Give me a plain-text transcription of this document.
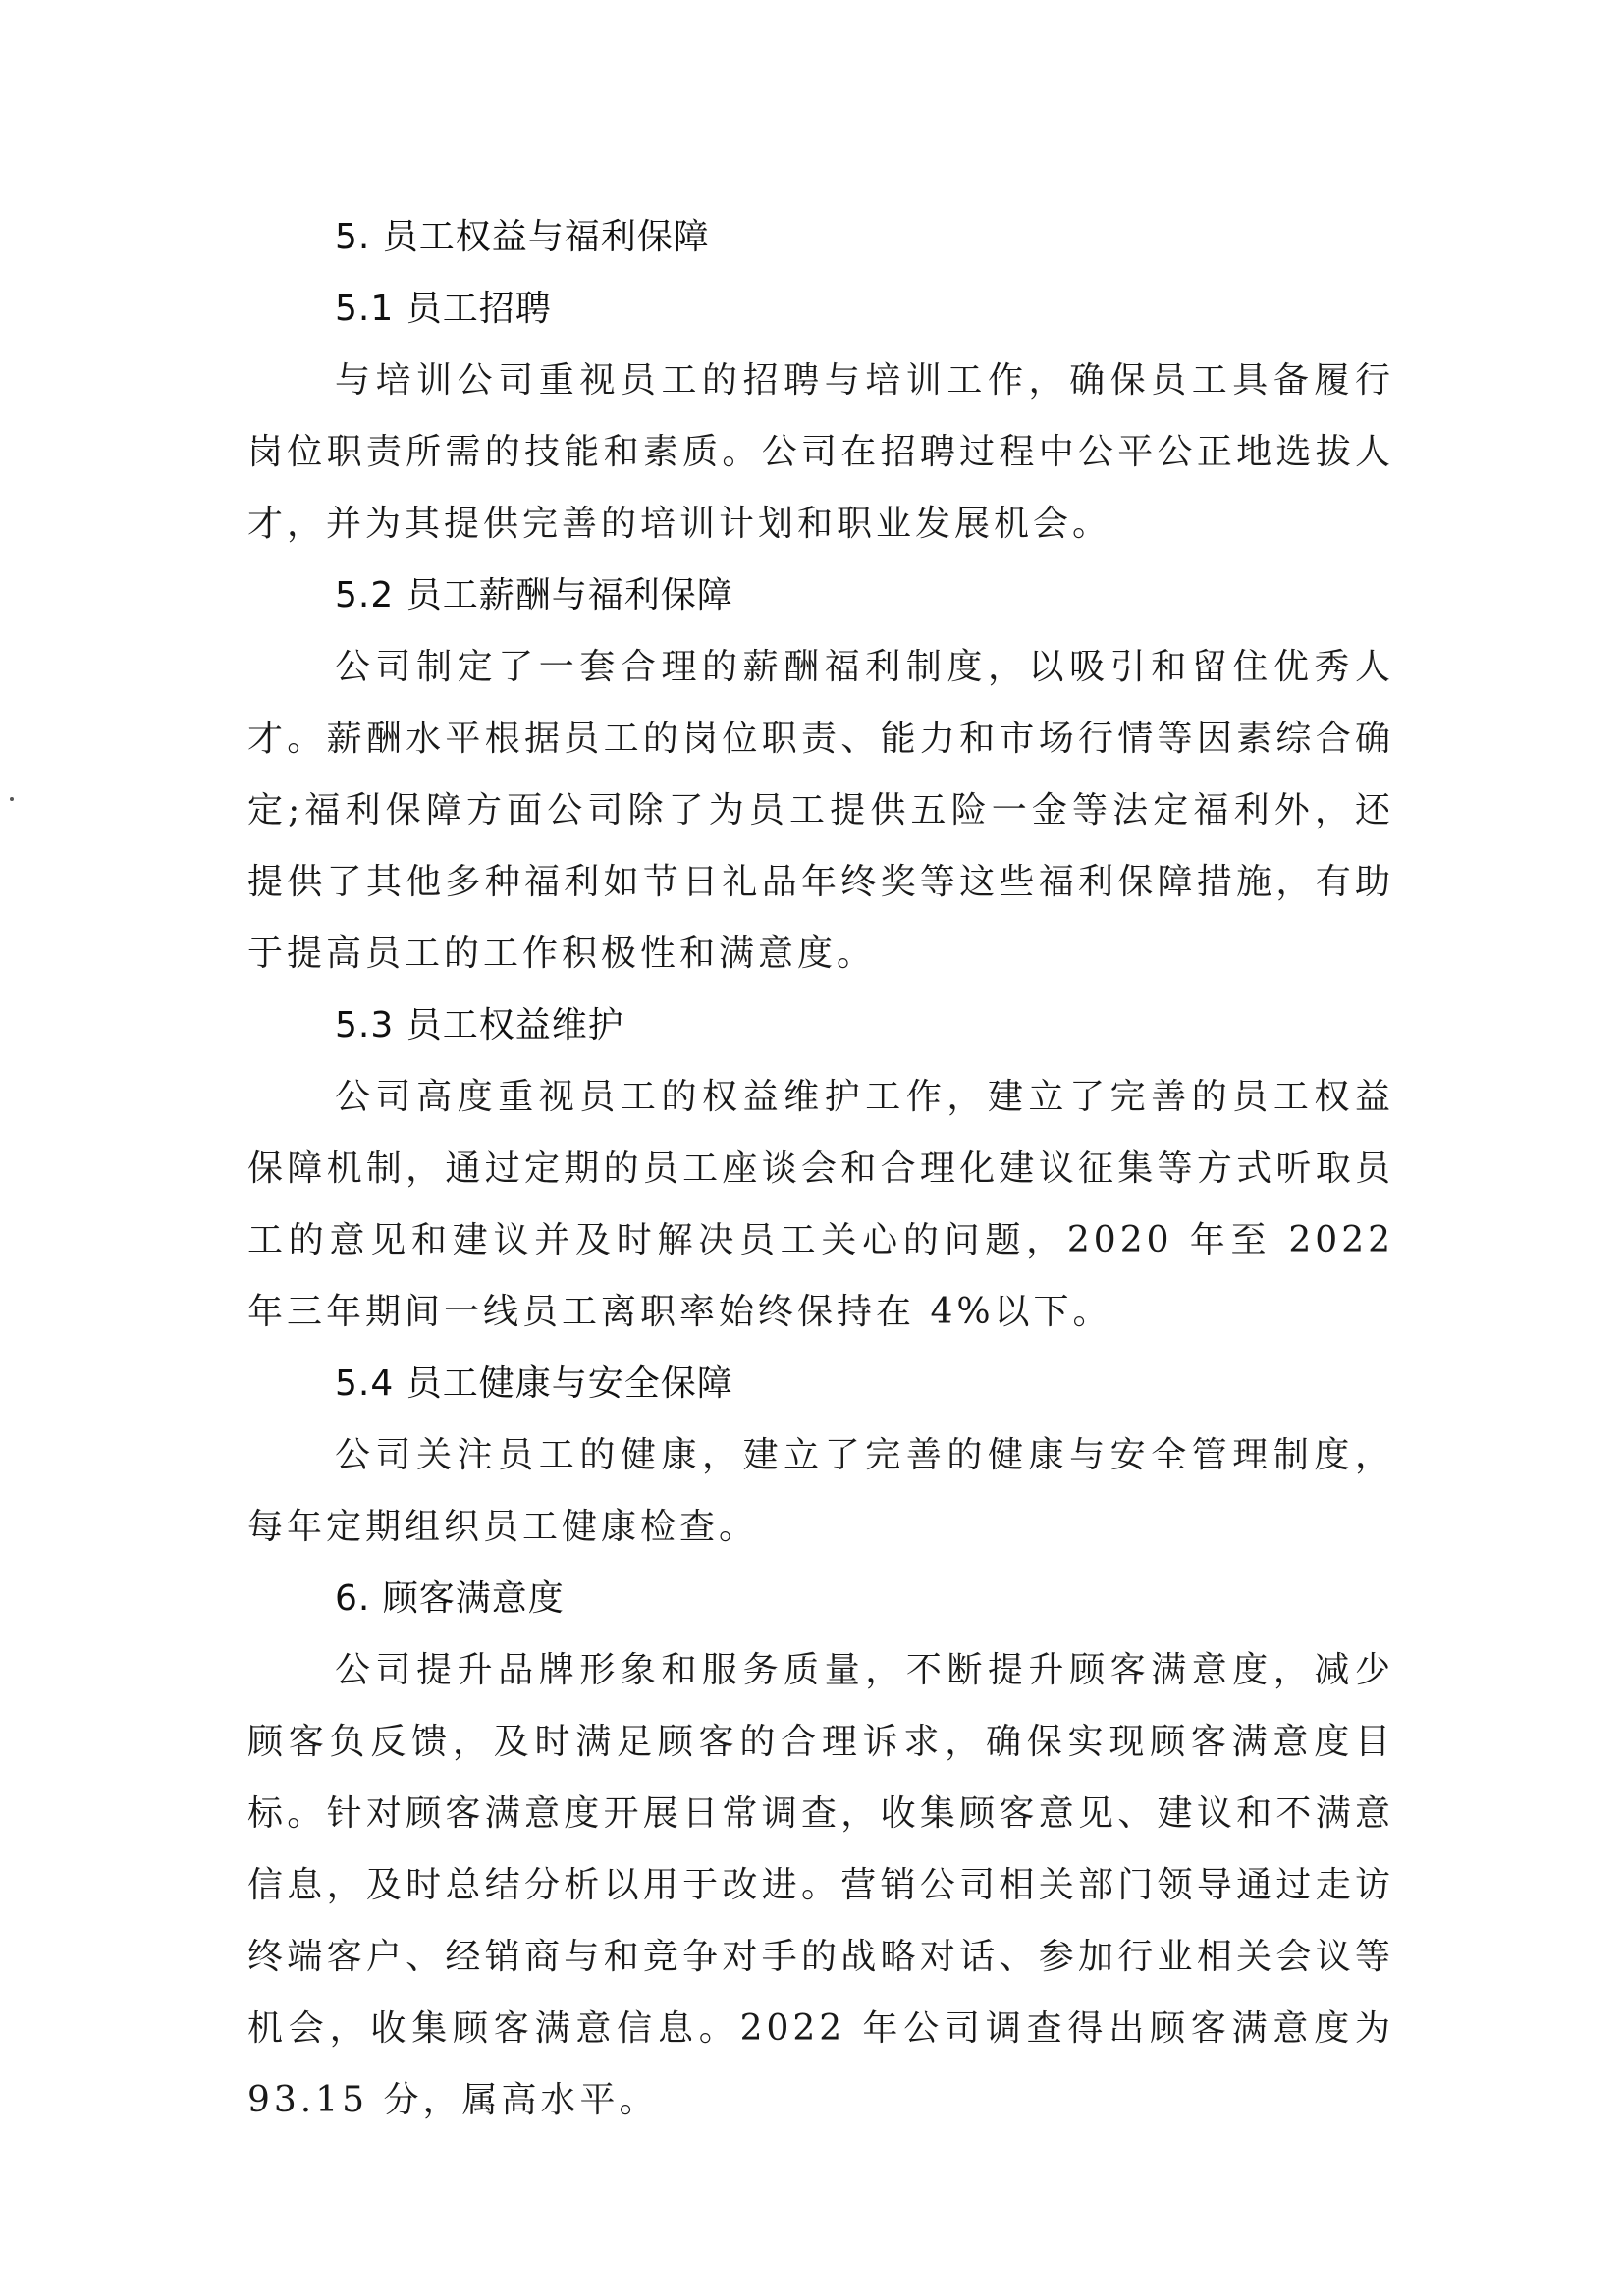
5. 员工权益与福利保障
5.1 员工招聘

与培训公司重视员工的招聘与培训工作，确保员工具备履行岗位职责所需的技能和素质。公司在招聘过程中公平公正地选拔人才，并为其提供完善的培训计划和职业发展机会。

5.2 员工薪酬与福利保障

公司制定了一套合理的薪酬福利制度，以吸引和留住优秀人才。薪酬水平根据员工的岗位职责、能力和市场行情等因素综合确定;福利保障方面公司除了为员工提供五险一金等法定福利外，还提供了其他多种福利如节日礼品年终奖等这些福利保障措施，有助于提高员工的工作积极性和满意度。

5.3 员工权益维护

公司高度重视员工的权益维护工作，建立了完善的员工权益保障机制，通过定期的员工座谈会和合理化建议征集等方式听取员工的意见和建议并及时解决员工关心的问题，2020 年至 2022 年三年期间一线员工离职率始终保持在 4%以下。

5.4 员工健康与安全保障

公司关注员工的健康，建立了完善的健康与安全管理制度，每年定期组织员工健康检查。

6. 顾客满意度

公司提升品牌形象和服务质量，不断提升顾客满意度，减少顾客负反馈，及时满足顾客的合理诉求，确保实现顾客满意度目标。针对顾客满意度开展日常调查，收集顾客意见、建议和不满意信息，及时总结分析以用于改进。营销公司相关部门领导通过走访终端客户、经销商与和竞争对手的战略对话、参加行业相关会议等机会，收集顾客满意信息。2022 年公司调查得出顾客满意度为 93.15 分，属高水平。
